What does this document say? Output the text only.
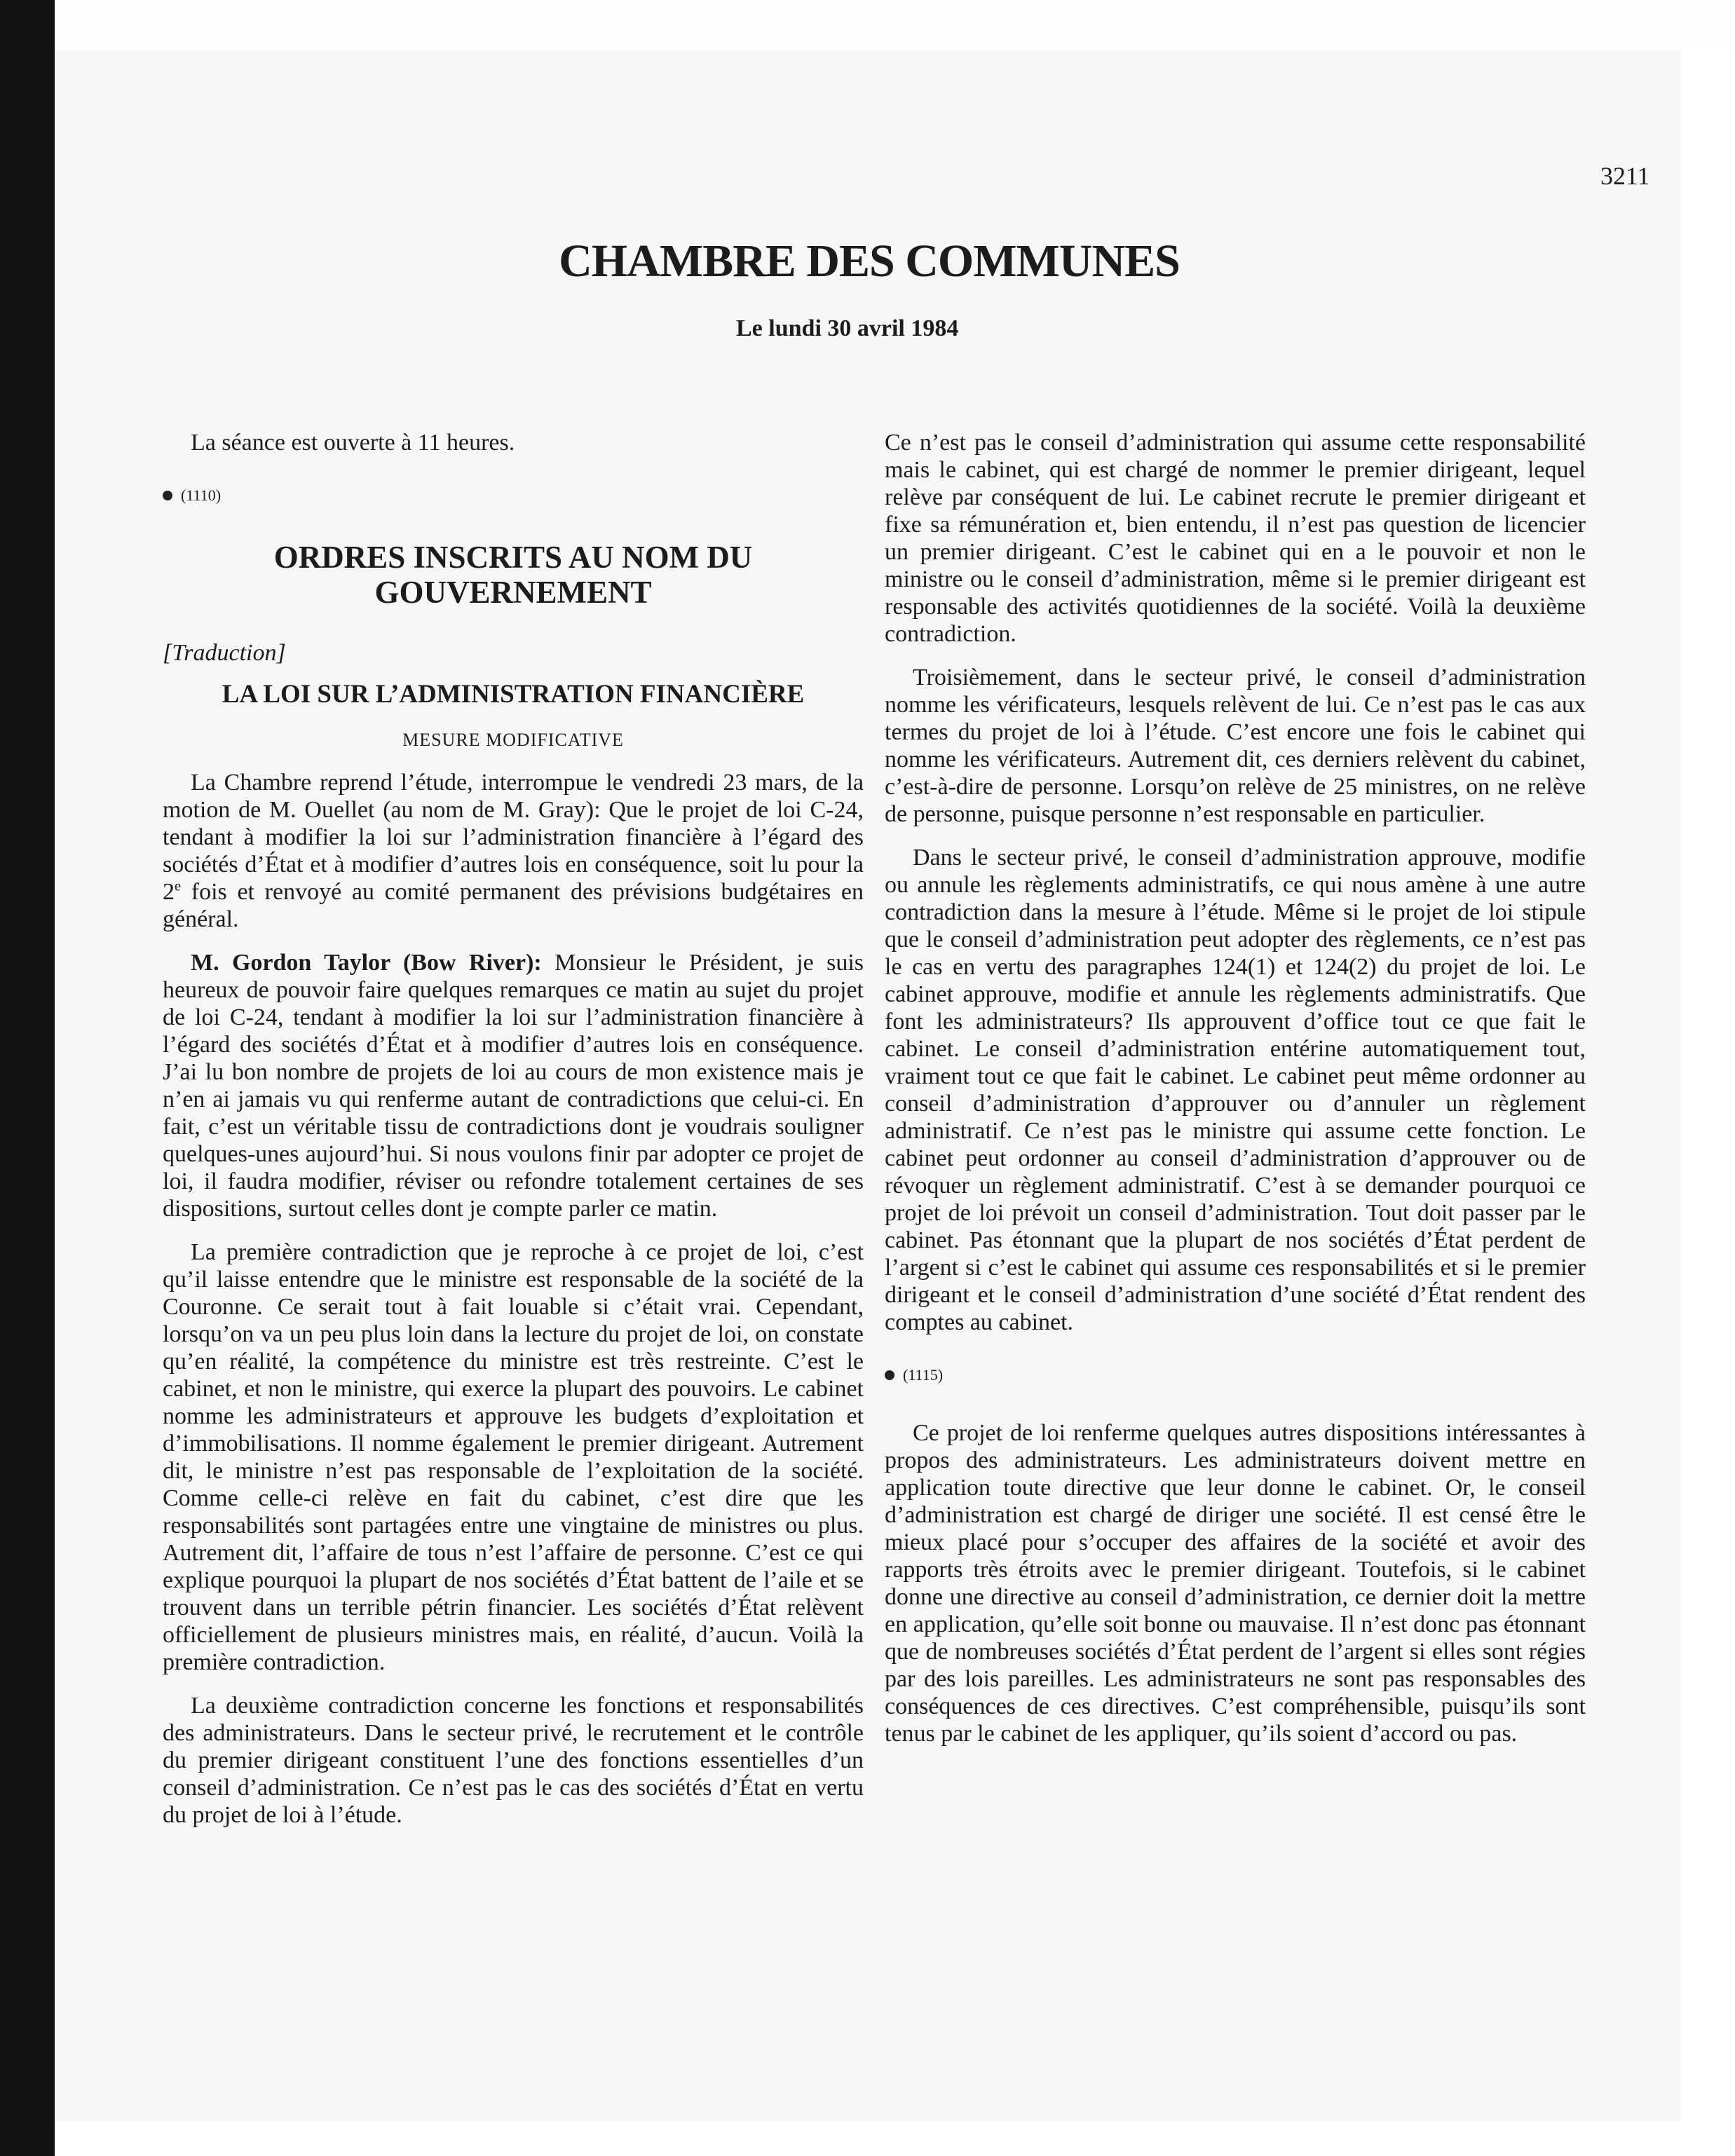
3211
CHAMBRE DES COMMUNES
Le lundi 30 avril 1984

La séance est ouverte à 11 heures.

(1110)
ORDRES INSCRITS AU NOM DU
GOUVERNEMENT
[Traduction]
LA LOI SUR L’ADMINISTRATION FINANCIÈRE
MESURE MODIFICATIVE

La Chambre reprend l’étude, interrompue le vendredi 23 mars, de la motion de M. Ouellet (au nom de M. Gray): Que le projet de loi C-24, tendant à modifier la loi sur l’administration financière à l’égard des sociétés d’État et à modifier d’autres lois en conséquence, soit lu pour la 2e fois et renvoyé au comité permanent des prévisions budgétaires en général.

M. Gordon Taylor (Bow River): Monsieur le Président, je suis heureux de pouvoir faire quelques remarques ce matin au sujet du projet de loi C-24, tendant à modifier la loi sur l’administration financière à l’égard des sociétés d’État et à modifier d’autres lois en conséquence. J’ai lu bon nombre de projets de loi au cours de mon existence mais je n’en ai jamais vu qui renferme autant de contradictions que celui-ci. En fait, c’est un véritable tissu de contradictions dont je voudrais souligner quelques-unes aujourd’hui. Si nous voulons finir par adopter ce projet de loi, il faudra modifier, réviser ou refondre totalement certaines de ses dispositions, surtout celles dont je compte parler ce matin.

La première contradiction que je reproche à ce projet de loi, c’est qu’il laisse entendre que le ministre est responsable de la société de la Couronne. Ce serait tout à fait louable si c’était vrai. Cependant, lorsqu’on va un peu plus loin dans la lecture du projet de loi, on constate qu’en réalité, la compétence du ministre est très restreinte. C’est le cabinet, et non le ministre, qui exerce la plupart des pouvoirs. Le cabinet nomme les administrateurs et approuve les budgets d’exploitation et d’immobilisations. Il nomme également le premier dirigeant. Autrement dit, le ministre n’est pas responsable de l’exploitation de la société. Comme celle-ci relève en fait du cabinet, c’est dire que les responsabilités sont partagées entre une vingtaine de ministres ou plus. Autrement dit, l’affaire de tous n’est l’affaire de personne. C’est ce qui explique pourquoi la plupart de nos sociétés d’État battent de l’aile et se trouvent dans un terrible pétrin financier. Les sociétés d’État relèvent officiellement de plusieurs ministres mais, en réalité, d’aucun. Voilà la première contradiction.

La deuxième contradiction concerne les fonctions et responsabilités des administrateurs. Dans le secteur privé, le recrutement et le contrôle du premier dirigeant constituent l’une des fonctions essentielles d’un conseil d’administration. Ce n’est pas le cas des sociétés d’État en vertu du projet de loi à l’étude.

Ce n’est pas le conseil d’administration qui assume cette responsabilité mais le cabinet, qui est chargé de nommer le premier dirigeant, lequel relève par conséquent de lui. Le cabinet recrute le premier dirigeant et fixe sa rémunération et, bien entendu, il n’est pas question de licencier un premier dirigeant. C’est le cabinet qui en a le pouvoir et non le ministre ou le conseil d’administration, même si le premier dirigeant est responsable des activités quotidiennes de la société. Voilà la deuxième contradiction.

Troisièmement, dans le secteur privé, le conseil d’administration nomme les vérificateurs, lesquels relèvent de lui. Ce n’est pas le cas aux termes du projet de loi à l’étude. C’est encore une fois le cabinet qui nomme les vérificateurs. Autrement dit, ces derniers relèvent du cabinet, c’est-à-dire de personne. Lorsqu’on relève de 25 ministres, on ne relève de personne, puisque personne n’est responsable en particulier.

Dans le secteur privé, le conseil d’administration approuve, modifie ou annule les règlements administratifs, ce qui nous amène à une autre contradiction dans la mesure à l’étude. Même si le projet de loi stipule que le conseil d’administration peut adopter des règlements, ce n’est pas le cas en vertu des paragraphes 124(1) et 124(2) du projet de loi. Le cabinet approuve, modifie et annule les règlements administratifs. Que font les administrateurs? Ils approuvent d’office tout ce que fait le cabinet. Le conseil d’administration entérine automatiquement tout, vraiment tout ce que fait le cabinet. Le cabinet peut même ordonner au conseil d’administration d’approuver ou d’annuler un règlement administratif. Ce n’est pas le ministre qui assume cette fonction. Le cabinet peut ordonner au conseil d’administration d’approuver ou de révoquer un règlement administratif. C’est à se demander pourquoi ce projet de loi prévoit un conseil d’administration. Tout doit passer par le cabinet. Pas étonnant que la plupart de nos sociétés d’État perdent de l’argent si c’est le cabinet qui assume ces responsabilités et si le premier dirigeant et le conseil d’administration d’une société d’État rendent des comptes au cabinet.

(1115)

Ce projet de loi renferme quelques autres dispositions intéressantes à propos des administrateurs. Les administrateurs doivent mettre en application toute directive que leur donne le cabinet. Or, le conseil d’administration est chargé de diriger une société. Il est censé être le mieux placé pour s’occuper des affaires de la société et avoir des rapports très étroits avec le premier dirigeant. Toutefois, si le cabinet donne une directive au conseil d’administration, ce dernier doit la mettre en application, qu’elle soit bonne ou mauvaise. Il n’est donc pas étonnant que de nombreuses sociétés d’État perdent de l’argent si elles sont régies par des lois pareilles. Les administrateurs ne sont pas responsables des conséquences de ces directives. C’est compréhensible, puisqu’ils sont tenus par le cabinet de les appliquer, qu’ils soient d’accord ou pas.
